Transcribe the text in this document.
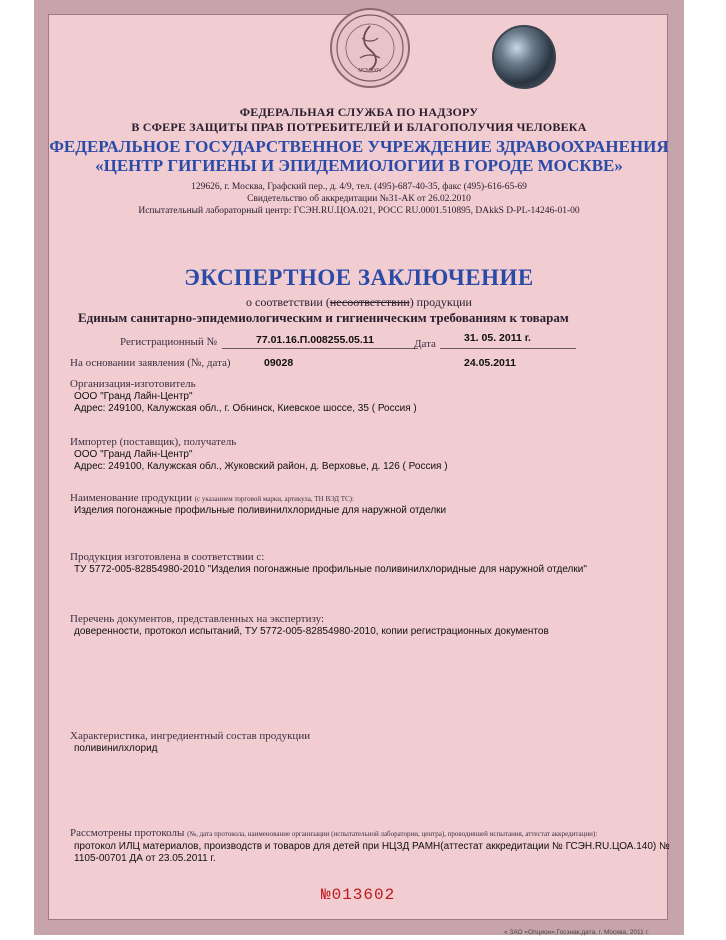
MCMXXIV

ФЕДЕРАЛЬНАЯ СЛУЖБА ПО НАДЗОРУ

В СФЕРЕ ЗАЩИТЫ ПРАВ ПОТРЕБИТЕЛЕЙ И БЛАГОПОЛУЧИЯ ЧЕЛОВЕКА

ФЕДЕРАЛЬНОЕ ГОСУДАРСТВЕННОЕ УЧРЕЖДЕНИЕ ЗДРАВООХРАНЕНИЯ

«ЦЕНТР ГИГИЕНЫ И ЭПИДЕМИОЛОГИИ В ГОРОДЕ МОСКВЕ»

129626, г. Москва, Графский пер., д. 4/9, тел. (495)-687-40-35, факс (495)-616-65-69

Свидетельство об аккредитации №31-АК от 26.02.2010

Испытательный лабораторный центр: ГСЭН.RU.ЦОА.021, РОСС RU.0001.510895, DAkkS D-PL-14246-01-00

ЭКСПЕРТНОЕ ЗАКЛЮЧЕНИЕ

о соответствии (несоответствии) продукции

Единым санитарно-эпидемиологическим и гигиеническим требованиям к товарам

Регистрационный №	77.01.16.П.008255.05.11	Дата	31. 05. 2011 г.

На основании заявления (№, дата)	09028	24.05.2011

Организация-изготовитель

ООО "Гранд Лайн-Центр"

Адрес: 249100, Калужская обл., г. Обнинск, Киевское шоссе, 35 ( Россия )

Импортер (поставщик), получатель

ООО "Гранд Лайн-Центр"

Адрес: 249100, Калужская обл., Жуковский район, д. Верховье, д. 126 ( Россия )

Наименование продукции (с указанием торговой марки, артикула, ТН ВЭД ТС):

Изделия погонажные профильные поливинилхлоридные для наружной отделки

Продукция изготовлена в соответствии с:

ТУ 5772-005-82854980-2010 "Изделия погонажные профильные поливинилхлоридные для наружной отделки"

Перечень документов, представленных на экспертизу:

доверенности, протокол испытаний, ТУ 5772-005-82854980-2010, копии регистрационных документов

Характеристика, ингредиентный состав продукции

поливинилхлорид

Рассмотрены протоколы (№, дата протокола, наименование организации (испытательной лаборатории, центра), проводившей испытания, аттестат аккредитации):

протокол ИЛЦ материалов, производств и товаров для детей при НЦЗД РАМН(аттестат аккредитации № ГСЭН.RU.ЦОА.140) №

1105-00701 ДА от 23.05.2011 г.

№013602
« ЗАО «Опцион»,Госзнак,дата, г. Москва, 2011 г.
